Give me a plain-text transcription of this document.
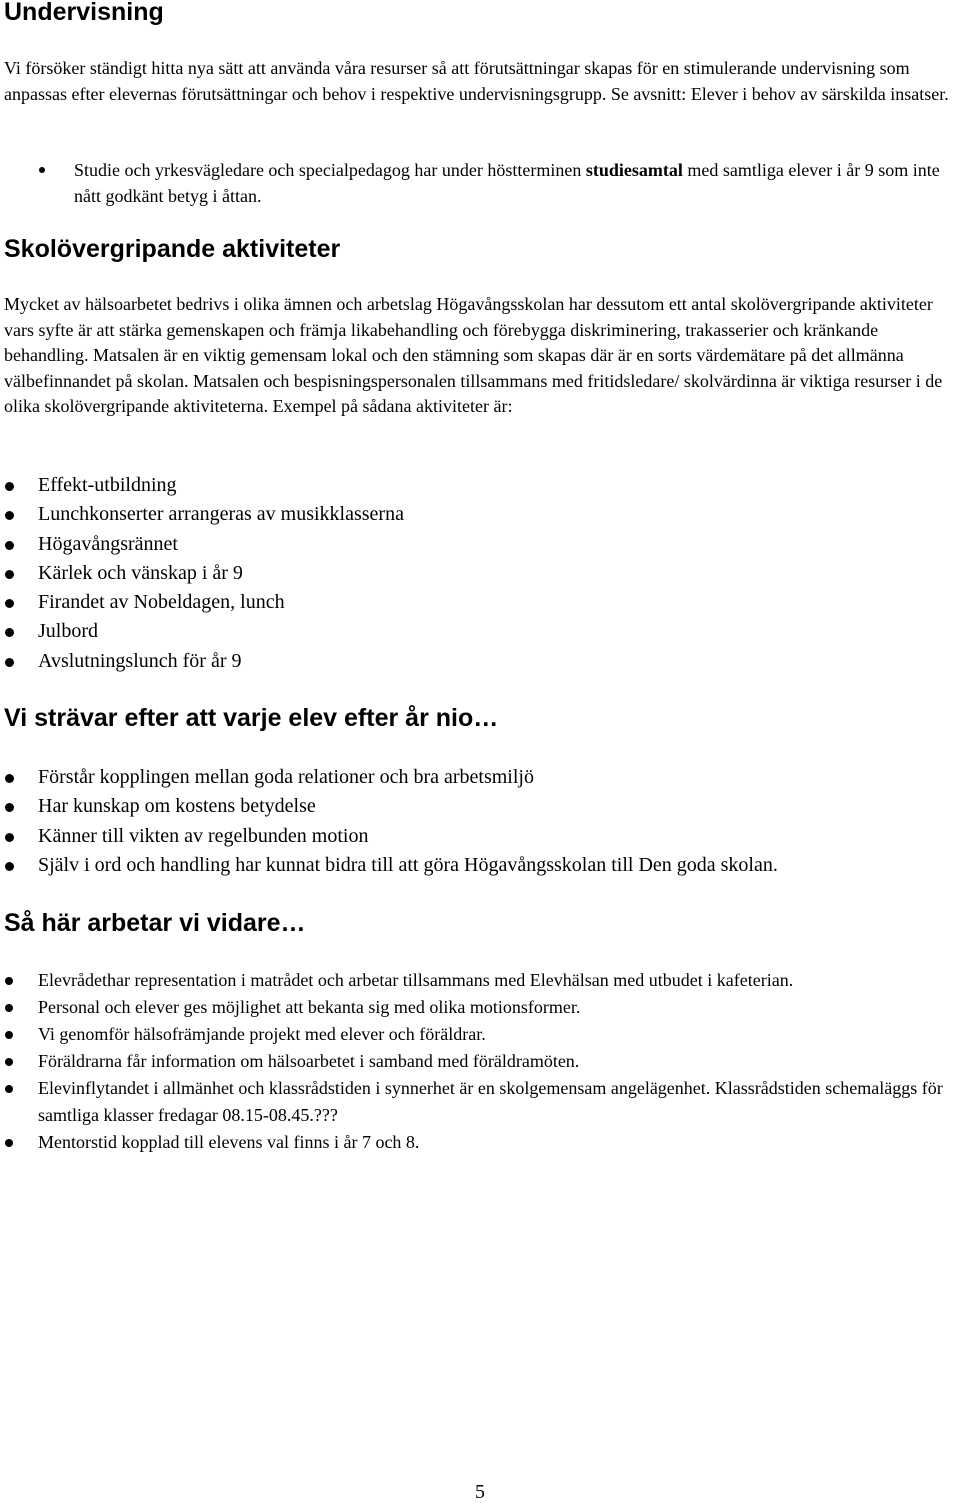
Undervisning

Vi försöker ständigt hitta nya sätt att använda våra resurser så att förutsättningar skapas för en stimulerande undervisning som anpassas efter elevernas förutsättningar och behov i respektive undervisningsgrupp. Se avsnitt: Elever i behov av särskilda insatser.

Studie och yrkesvägledare och specialpedagog har under höstterminen studiesamtal med samtliga elever i år 9 som inte nått godkänt betyg i åttan.
Skolövergripande aktiviteter

Mycket av hälsoarbetet bedrivs i olika ämnen och arbetslag Högavångsskolan har dessutom ett antal skolövergripande aktiviteter vars syfte är att stärka gemenskapen och främja likabehandling och förebygga diskriminering, trakasserier och kränkande behandling. Matsalen är en viktig gemensam lokal och den stämning som skapas där är en sorts värdemätare på det allmänna välbefinnandet på skolan. Matsalen och bespisningspersonalen tillsammans med fritidsledare/ skolvärdinna är viktiga resurser i de olika skolövergripande aktiviteterna. Exempel på sådana aktiviteter är:

Effekt-utbildning
Lunchkonserter arrangeras av musikklasserna
Högavångsrännet
Kärlek och vänskap i år 9
Firandet av Nobeldagen, lunch
Julbord
Avslutningslunch för år 9
Vi strävar efter att varje elev efter år nio…
Förstår kopplingen mellan goda relationer och bra arbetsmiljö
Har kunskap om kostens betydelse
Känner till vikten av regelbunden motion
Själv i ord och handling har kunnat bidra till att göra Högavångsskolan till Den goda skolan.
Så här arbetar vi vidare…
Elevrådethar representation i matrådet och arbetar tillsammans med Elevhälsan med utbudet i kafeterian.
Personal och elever ges möjlighet att bekanta sig med olika motionsformer.
Vi genomför hälsofrämjande projekt med elever och föräldrar.
Föräldrarna får information om hälsoarbetet i samband med föräldramöten.
Elevinflytandet i allmänhet och klassrådstiden i synnerhet är en skolgemensam angelägenhet. Klassrådstiden schemaläggs för samtliga klasser fredagar 08.15-08.45.???
Mentorstid kopplad till elevens val finns i år 7 och 8.
5
